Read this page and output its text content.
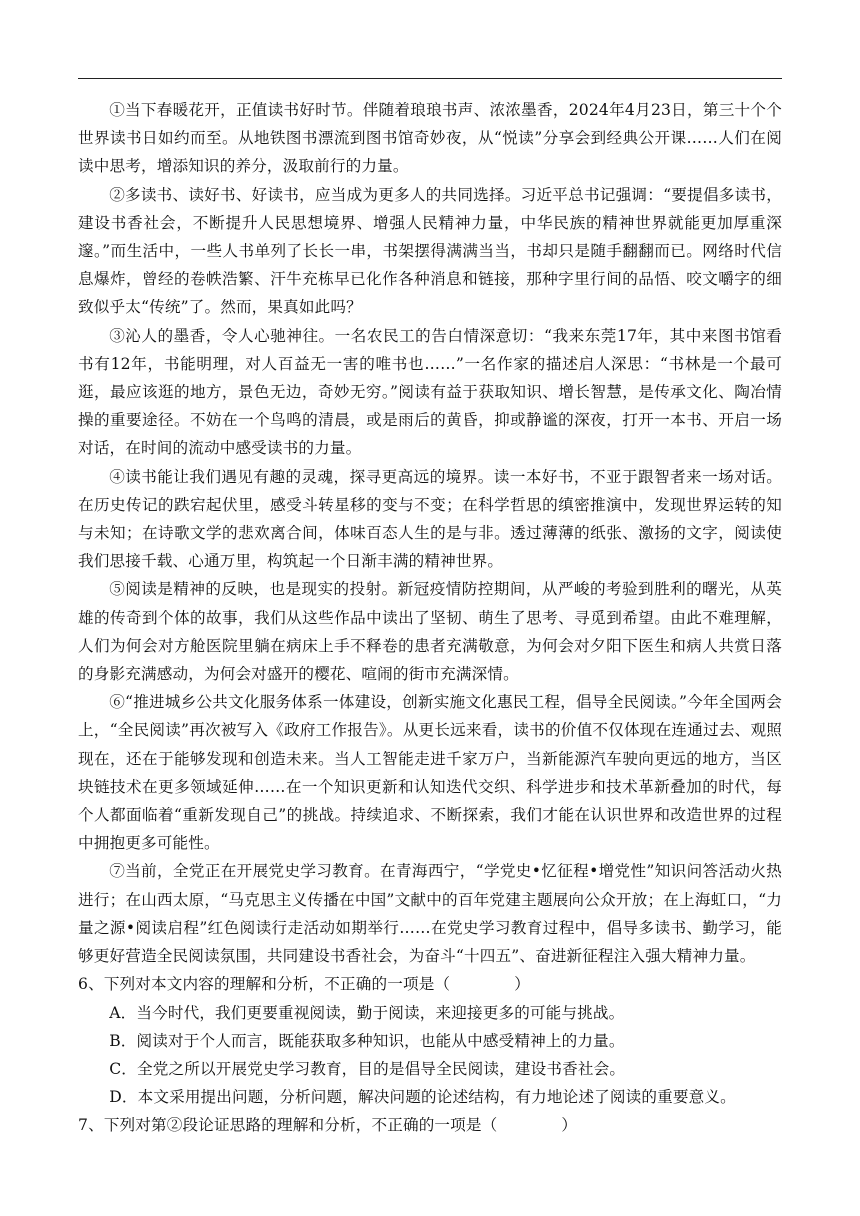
①当下春暖花开，正值读书好时节。伴随着琅琅书声、浓浓墨香，2024年4月23日，第三十个个世界读书日如约而至。从地铁图书漂流到图书馆奇妙夜，从“悦读”分享会到经典公开课……人们在阅读中思考，增添知识的养分，汲取前行的力量。

②多读书、读好书、好读书，应当成为更多人的共同选择。习近平总书记强调：“要提倡多读书，建设书香社会，不断提升人民思想境界、增强人民精神力量，中华民族的精神世界就能更加厚重深邃。”而生活中，一些人书单列了长长一串，书架摆得满满当当，书却只是随手翻翻而已。网络时代信息爆炸，曾经的卷帙浩繁、汗牛充栋早已化作各种消息和链接，那种字里行间的品悟、咬文嚼字的细致似乎太“传统”了。然而，果真如此吗？

③沁人的墨香，令人心驰神往。一名农民工的告白情深意切：“我来东莞17年，其中来图书馆看书有12年，书能明理，对人百益无一害的唯书也……”一名作家的描述启人深思：“书林是一个最可逛，最应该逛的地方，景色无边，奇妙无穷。”阅读有益于获取知识、增长智慧，是传承文化、陶冶情操的重要途径。不妨在一个鸟鸣的清晨，或是雨后的黄昏，抑或静谧的深夜，打开一本书、开启一场对话，在时间的流动中感受读书的力量。

④读书能让我们遇见有趣的灵魂，探寻更高远的境界。读一本好书，不亚于跟智者来一场对话。在历史传记的跌宕起伏里，感受斗转星移的变与不变；在科学哲思的缜密推演中，发现世界运转的知与未知；在诗歌文学的悲欢离合间，体味百态人生的是与非。透过薄薄的纸张、激扬的文字，阅读使我们思接千载、心通万里，构筑起一个日渐丰满的精神世界。

⑤阅读是精神的反映，也是现实的投射。新冠疫情防控期间，从严峻的考验到胜利的曙光，从英雄的传奇到个体的故事，我们从这些作品中读出了坚韧、萌生了思考、寻觅到希望。由此不难理解，人们为何会对方舱医院里躺在病床上手不释卷的患者充满敬意，为何会对夕阳下医生和病人共赏日落的身影充满感动，为何会对盛开的樱花、喧闹的街市充满深情。

⑥“推进城乡公共文化服务体系一体建设，创新实施文化惠民工程，倡导全民阅读。”今年全国两会上，“全民阅读”再次被写入《政府工作报告》。从更长远来看，读书的价值不仅体现在连通过去、观照现在，还在于能够发现和创造未来。当人工智能走进千家万户，当新能源汽车驶向更远的地方，当区块链技术在更多领域延伸……在一个知识更新和认知迭代交织、科学进步和技术革新叠加的时代，每个人都面临着“重新发现自己”的挑战。持续追求、不断探索，我们才能在认识世界和改造世界的过程中拥抱更多可能性。

⑦当前，全党正在开展党史学习教育。在青海西宁，“学党史•忆征程•增党性”知识问答活动火热进行；在山西太原，“马克思主义传播在中国”文献中的百年党建主题展向公众开放；在上海虹口，“力量之源•阅读启程”红色阅读行走活动如期举行……在党史学习教育过程中，倡导多读书、勤学习，能够更好营造全民阅读氛围，共同建设书香社会，为奋斗“十四五”、奋进新征程注入强大精神力量。

6、下列对本文内容的理解和分析，不正确的一项是（	）

A．当今时代，我们更要重视阅读，勤于阅读，来迎接更多的可能与挑战。

B．阅读对于个人而言，既能获取多种知识，也能从中感受精神上的力量。

C．全党之所以开展党史学习教育，目的是倡导全民阅读，建设书香社会。

D．本文采用提出问题，分析问题，解决问题的论述结构，有力地论述了阅读的重要意义。

7、下列对第②段论证思路的理解和分析，不正确的一项是（	）
